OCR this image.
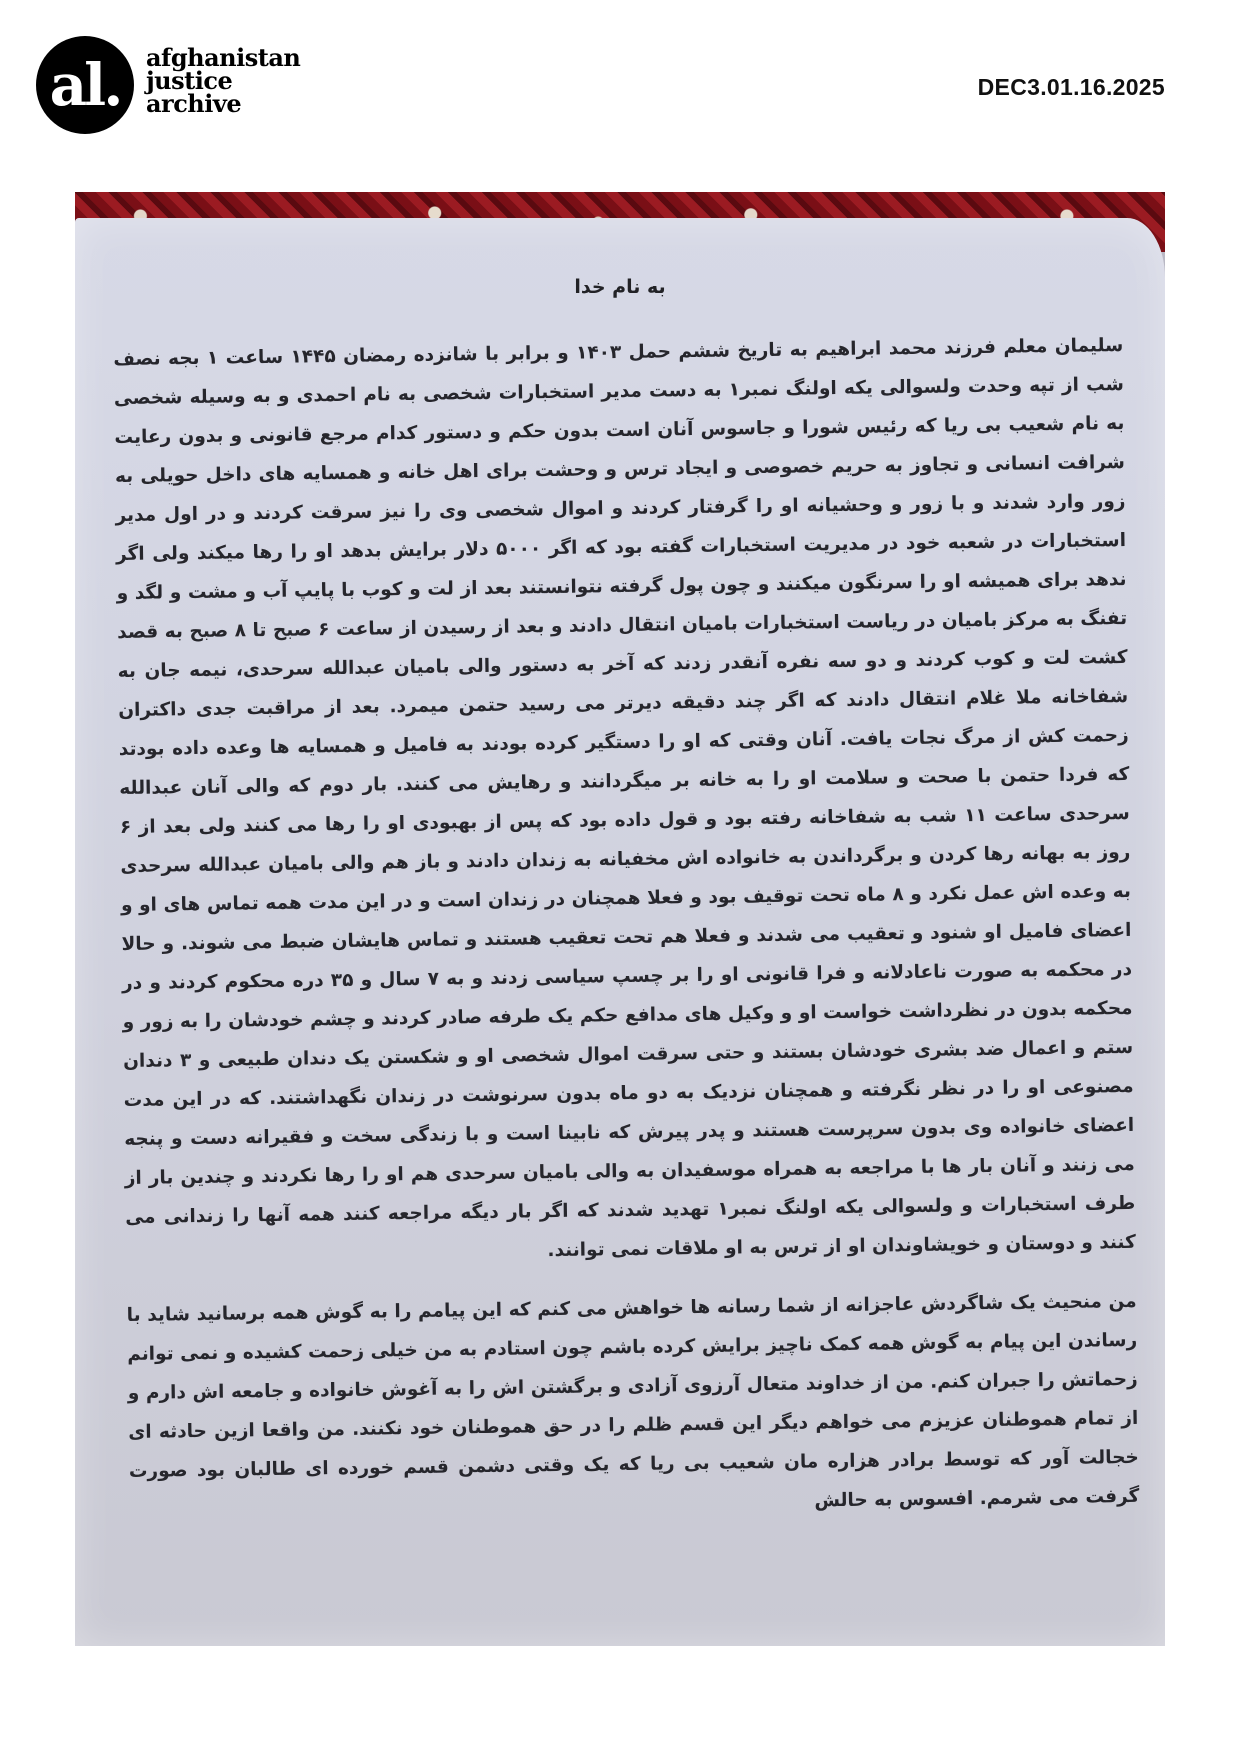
al. afghanistan
justice
archive
DEC3.01.16.2025
به نام خدا

سلیمان معلم فرزند محمد ابراهیم به تاریخ ششم حمل ۱۴۰۳ و برابر با شانزده رمضان ۱۴۴۵ ساعت ۱ بجه نصف شب از تپه وحدت ولسوالی یکه اولنگ نمبر۱ به دست مدیر استخبارات شخصی به نام احمدی و به وسیله شخصی به نام شعیب بی ریا که رئیس شورا و جاسوس آنان است بدون حکم و دستور کدام مرجع قانونی و بدون رعایت شرافت انسانی و تجاوز به حریم خصوصی و ایجاد ترس و وحشت برای اهل خانه و همسایه های داخل حویلی به زور وارد شدند و با زور و وحشیانه او را گرفتار کردند و اموال شخصی وی را نیز سرقت کردند و در اول مدیر استخبارات در شعبه خود در مدیریت استخبارات گفته بود که اگر ۵۰۰۰ دلار برایش بدهد او را رها میکند ولی اگر ندهد برای همیشه او را سرنگون میکنند و چون پول گرفته نتوانستند بعد از لت و کوب با پایپ آب و مشت و لگد و تفنگ به مرکز بامیان در ریاست استخبارات بامیان انتقال دادند و بعد از رسیدن از ساعت ۶ صبح تا ۸ صبح به قصد کشت لت و کوب کردند و دو سه نفره آنقدر زدند که آخر به دستور والی بامیان عبدالله سرحدی، نیمه جان به شفاخانه ملا غلام انتقال دادند که اگر چند دقیقه دیرتر می رسید حتمن میمرد. بعد از مراقبت جدی داکتران زحمت کش از مرگ نجات یافت. آنان وقتی که او را دستگیر کرده بودند به فامیل و همسایه ها وعده داده بودتد که فردا حتمن با صحت و سلامت او را به خانه بر میگردانند و رهایش می کنند. بار دوم که والی آنان عبدالله سرحدی ساعت ۱۱ شب به شفاخانه رفته بود و قول داده بود که پس از بهبودی او را رها می کنند ولی بعد از ۶ روز به بهانه رها کردن و برگرداندن به خانواده اش مخفیانه به زندان دادند و باز هم والی بامیان عبدالله سرحدی به وعده اش عمل نکرد و ۸ ماه تحت توقیف بود و فعلا همچنان در زندان است و در این مدت همه تماس های او و اعضای فامیل او شنود و تعقیب می شدند و فعلا هم تحت تعقیب هستند و تماس هایشان ضبط می شوند. و حالا در محکمه به صورت ناعادلانه و فرا قانونی او را بر چسپ سیاسی زدند و به ۷ سال و ۳۵ دره محکوم کردند و در محکمه بدون در نظرداشت خواست او و وکیل های مدافع حکم یک طرفه صادر کردند و چشم خودشان را به زور و ستم و اعمال ضد بشری خودشان بستند و حتی سرقت اموال شخصی او و شکستن یک دندان طبیعی و ۳ دندان مصنوعی او را در نظر نگرفته و همچنان نزدیک به دو ماه بدون سرنوشت در زندان نگهداشتند. که در این مدت اعضای خانواده وی بدون سرپرست هستند و پدر پیرش که نابینا است و با زندگی سخت و فقیرانه دست و پنجه می زنند و آنان بار ها با مراجعه به همراه موسفیدان به والی بامیان سرحدی هم او را رها نکردند و چندین بار از طرف استخبارات و ولسوالی یکه اولنگ نمبر۱ تهدید شدند که اگر بار دیگه مراجعه کنند همه آنها را زندانی می کنند و دوستان و خویشاوندان او از ترس به او ملاقات نمی توانند.

من منحیث یک شاگردش عاجزانه از شما رسانه ها خواهش می کنم که این پیامم را به گوش همه برسانید شاید با رساندن این پیام به گوش همه کمک ناچیز برایش کرده باشم چون استادم به من خیلی زحمت کشیده و نمی توانم زحماتش را جبران کنم. من از خداوند متعال آرزوی آزادی و برگشتن اش را به آغوش خانواده و جامعه اش دارم و از تمام هموطنان عزیزم می خواهم دیگر این قسم ظلم را در حق هموطنان خود نکنند. من واقعا ازین حادثه ای خجالت آور که توسط برادر هزاره مان شعیب بی ریا که یک وقتی دشمن قسم خورده ای طالبان بود صورت گرفت می شرمم. افسوس به حالش
